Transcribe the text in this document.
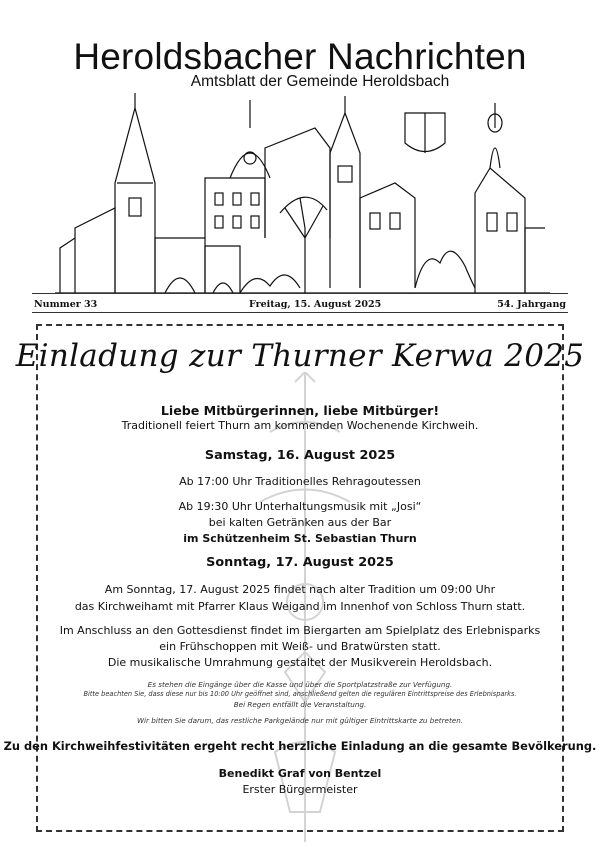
Heroldsbacher Nachrichten
Amtsblatt der Gemeinde Heroldsbach
Nummer 33	Freitag, 15. August 2025	54. Jahrgang
Einladung zur Thurner Kerwa 2025
Liebe Mitbürgerinnen, liebe Mitbürger!
Traditionell feiert Thurn am kommenden Wochenende Kirchweih.
Samstag, 16. August 2025
Ab 17:00 Uhr Traditionelles Rehragoutessen
Ab 19:30 Uhr Unterhaltungsmusik mit „Josi“
bei kalten Getränken aus der Bar
im Schützenheim St. Sebastian Thurn
Sonntag, 17. August 2025
Am Sonntag, 17. August 2025 findet nach alter Tradition um 09:00 Uhr
das Kirchweihamt mit Pfarrer Klaus Weigand im Innenhof von Schloss Thurn statt.
Im Anschluss an den Gottesdienst findet im Biergarten am Spielplatz des Erlebnisparks
ein Frühschoppen mit Weiß- und Bratwürsten statt.
Die musikalische Umrahmung gestaltet der Musikverein Heroldsbach.
Es stehen die Eingänge über die Kasse und über die Sportplatzstraße zur Verfügung.
Bitte beachten Sie, dass diese nur bis 10:00 Uhr geöffnet sind, anschließend gelten die regulären Eintrittspreise des Erlebnisparks.
Bei Regen entfällt die Veranstaltung.
Wir bitten Sie darum, das restliche Parkgelände nur mit gültiger Eintrittskarte zu betreten.
Zu den Kirchweihfestivitäten ergeht recht herzliche Einladung an die gesamte Bevölkerung.
Benedikt Graf von Bentzel
Erster Bürgermeister
